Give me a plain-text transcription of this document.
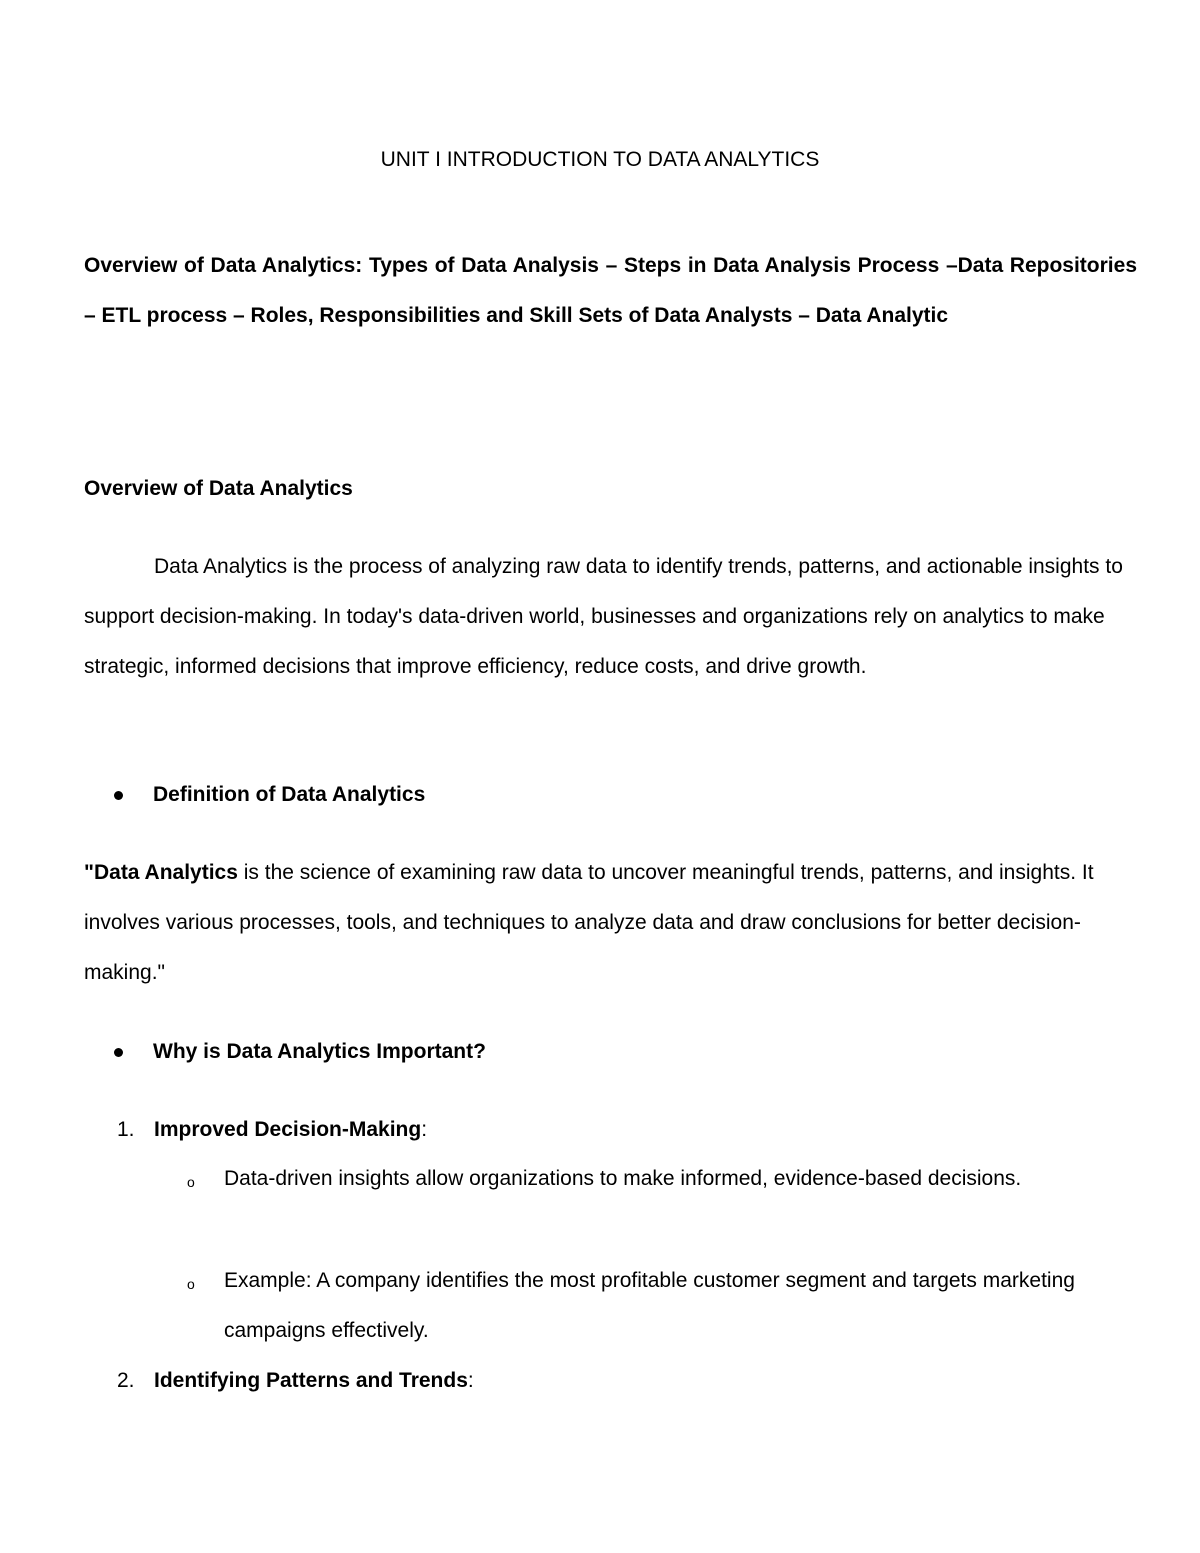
UNIT I INTRODUCTION TO DATA ANALYTICS

Overview of Data Analytics: Types of Data Analysis – Steps in Data Analysis Process –Data Repositories – ETL process – Roles, Responsibilities and Skill Sets of Data Analysts – Data Analytic

Overview of Data Analytics

Data Analytics is the process of analyzing raw data to identify trends, patterns, and actionable insights to support decision-making. In today's data-driven world, businesses and organizations rely on analytics to make strategic, informed decisions that improve efficiency, reduce costs, and drive growth.

Definition of Data Analytics

"Data Analytics is the science of examining raw data to uncover meaningful trends, patterns, and insights. It involves various processes, tools, and techniques to analyze data and draw conclusions for better decision-making."

Why is Data Analytics Important?

1. Improved Decision-Making:

o Data-driven insights allow organizations to make informed, evidence-based decisions.

o Example: A company identifies the most profitable customer segment and targets marketing campaigns effectively.

2. Identifying Patterns and Trends:
